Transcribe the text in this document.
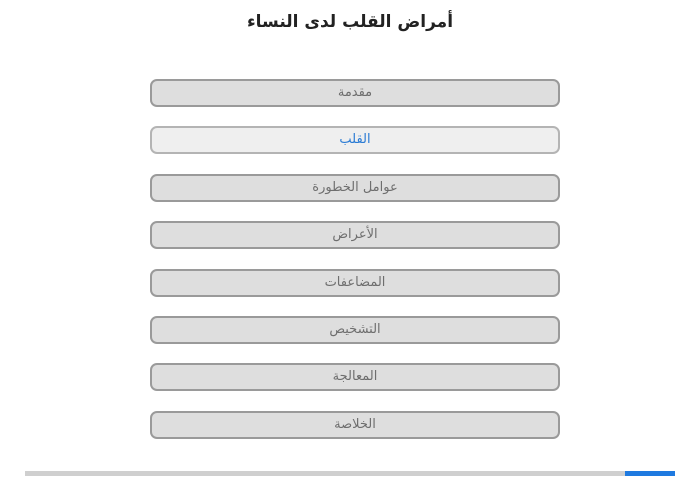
أمراض القلب لدى النساء
مقدمة
القلب
عوامل الخطورة
الأعراض
المضاعفات
التشخيص
المعالجة
الخلاصة
